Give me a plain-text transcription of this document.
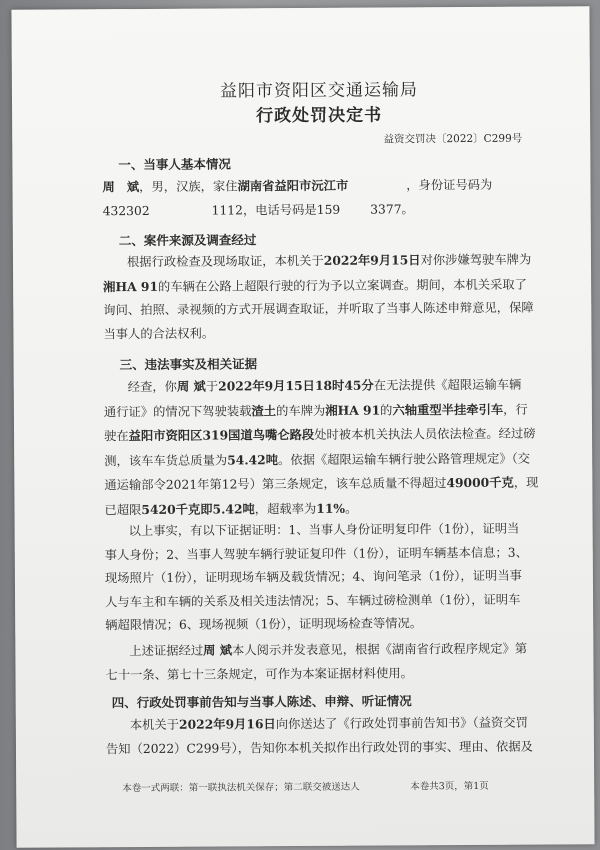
益阳市资阳区交通运输局
行政处罚决定书
益资交罚决〔2022〕C299号
一、当事人基本情况
周 斌，男，汉族，家住湖南省益阳市沅江市	，身份证号码为
432302	1112，电话号码是159 3377。
二、案件来源及调查经过
根据行政检查及现场取证，本机关于2022年9月15日对你涉嫌驾驶车牌为
湘HA 91的车辆在公路上超限行驶的行为予以立案调查。期间，本机关采取了
询问、拍照、录视频的方式开展调查取证，并听取了当事人陈述申辩意见，保障
当事人的合法权利。
三、违法事实及相关证据
经查，你周 斌于2022年9月15日18时45分在无法提供《超限运输车辆
通行证》的情况下驾驶装载渣土的车牌为湘HA 91的六轴重型半挂牵引车，行
驶在益阳市资阳区319国道鸟嘴仑路段处时被本机关执法人员依法检查。经过磅
测，该车车货总质量为54.42吨。依据《超限运输车辆行驶公路管理规定》（交
通运输部令2021年第12号）第三条规定，该车总质量不得超过49000千克，现
已超限5420千克即5.42吨，超载率为11%。
以上事实，有以下证据证明：1、当事人身份证明复印件（1份），证明当
事人身份；2、当事人驾驶车辆行驶证复印件（1份），证明车辆基本信息；3、
现场照片（1份），证明现场车辆及载货情况；4、询问笔录（1份），证明当事
人与车主和车辆的关系及相关违法情况；5、车辆过磅检测单（1份），证明车
辆超限情况；6、现场视频（1份），证明现场检查等情况。
上述证据经过周 斌本人阅示并发表意见，根据《湖南省行政程序规定》第
七十一条、第七十三条规定，可作为本案证据材料使用。
四、行政处罚事前告知与当事人陈述、申辩、听证情况
本机关于2022年9月16日向你送达了《行政处罚事前告知书》（益资交罚
告知（2022）C299号），告知你本机关拟作出行政处罚的事实、理由、依据及
本卷一式两联：第一联执法机关保存；第二联交被送达人	本卷共3页，第1页
